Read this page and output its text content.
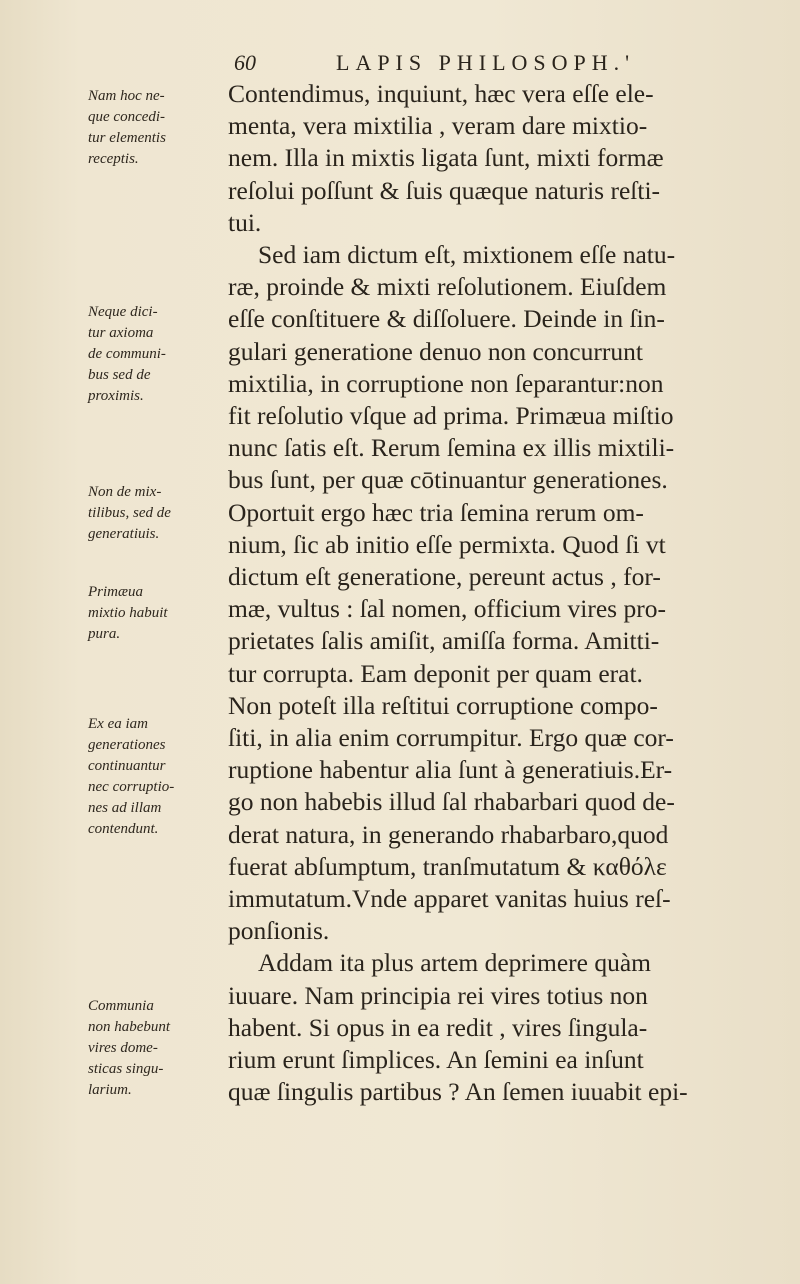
60	LAPIS PHILOSOPH.'
Nam hoc ne-
que concedi-
tur elementis
receptis.
Neque dici-
tur axioma
de communi-
bus sed de
proximis.
Non de mix-
tilibus, sed de
generatiuis.
Primæua
mixtio habuit
pura.
Ex ea iam
generationes
continuantur
nec corruptio-
nes ad illam
contendunt.
Communia
non habebunt
vires dome-
sticas singu-
larium.
Contendimus, inquiunt, hæc vera eſſe ele-
menta, vera mixtilia , veram dare mixtio-
nem. Illa in mixtis ligata ſunt, mixti formæ
reſolui poſſunt & ſuis quæque naturis reſti-
tui.
Sed iam dictum eſt, mixtionem eſſe natu-
ræ, proinde & mixti reſolutionem. Eiuſdem
eſſe conſtituere & diſſoluere. Deinde in ſin-
gulari generatione denuo non concurrunt
mixtilia, in corruptione non ſeparantur:non
fit reſolutio vſque ad prima. Primæua miſtio
nunc ſatis eſt. Rerum ſemina ex illis mixtili-
bus ſunt, per quæ cōtinuantur generationes.
Oportuit ergo hæc tria ſemina rerum om-
nium, ſic ab initio eſſe permixta. Quod ſi vt
dictum eſt generatione, pereunt actus , for-
mæ, vultus : ſal nomen, officium vires pro-
prietates ſalis amiſit, amiſſa forma. Amitti-
tur corrupta. Eam deponit per quam erat.
Non poteſt illa reſtitui corruptione compo-
ſiti, in alia enim corrumpitur. Ergo quæ cor-
ruptione habentur alia ſunt à generatiuis.Er-
go non habebis illud ſal rhabarbari quod de-
derat natura, in generando rhabarbaro,quod
fuerat abſumptum, tranſmutatum & καθόλε
immutatum.Vnde apparet vanitas huius reſ-
ponſionis.
Addam ita plus artem deprimere quàm
iuuare. Nam principia rei vires totius non
habent. Si opus in ea redit , vires ſingula-
rium erunt ſimplices. An ſemini ea inſunt
quæ ſingulis partibus ? An ſemen iuuabit epi-
